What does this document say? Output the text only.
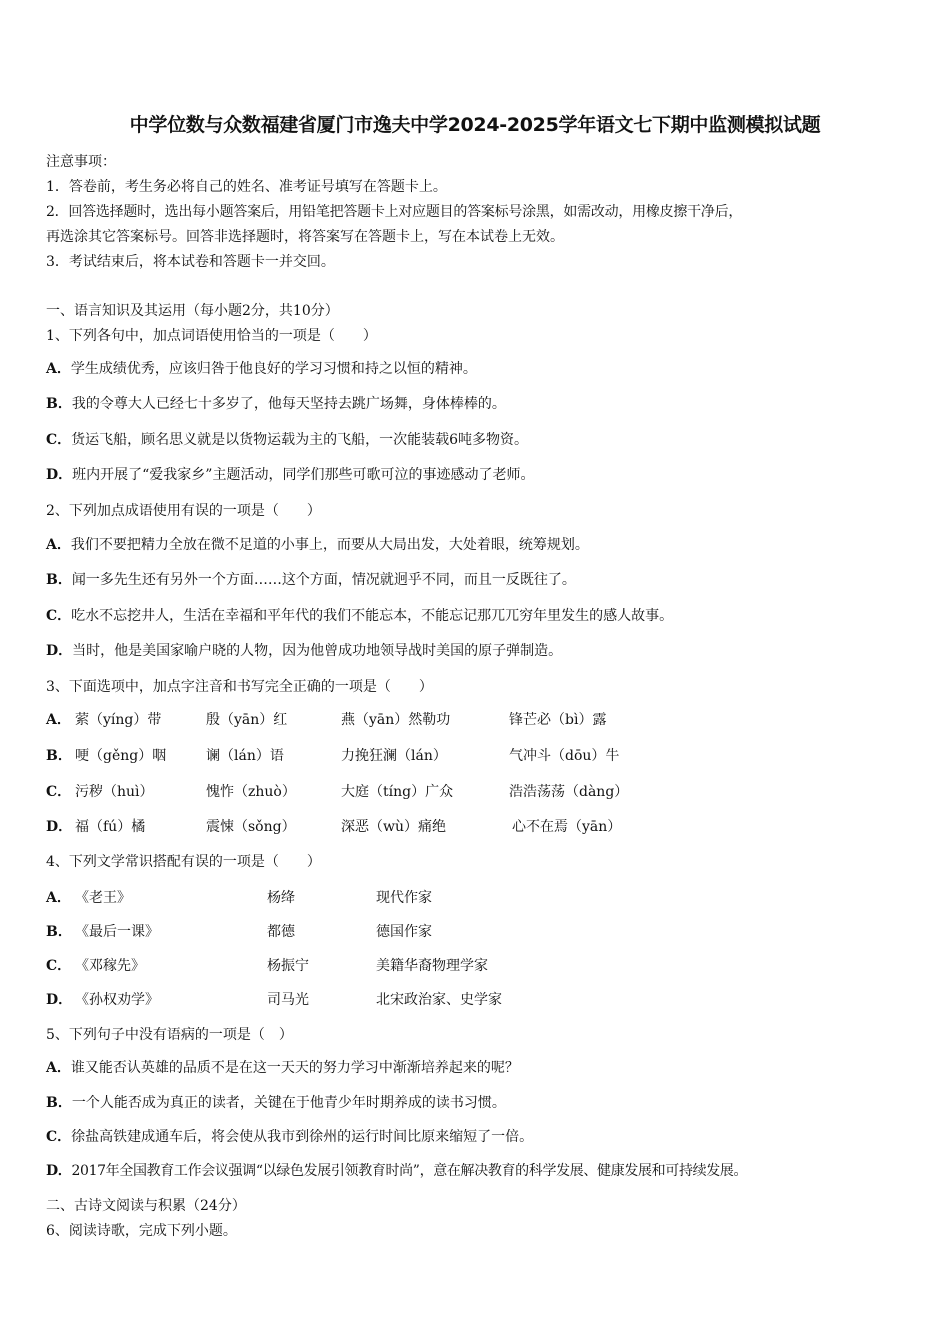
中学位数与众数福建省厦门市逸夫中学2024-2025学年语文七下期中监测模拟试题
注意事项：
1．答卷前，考生务必将自己的姓名、准考证号填写在答题卡上。
2．回答选择题时，选出每小题答案后，用铅笔把答题卡上对应题目的答案标号涂黑，如需改动，用橡皮擦干净后，
再选涂其它答案标号。回答非选择题时，将答案写在答题卡上，写在本试卷上无效。
3．考试结束后，将本试卷和答题卡一并交回。
一、语言知识及其运用（每小题2分，共10分）
1、下列各句中，加点词语使用恰当的一项是（　　）
A．学生成绩优秀，应该归咎于他良好的学习习惯和持之以恒的精神。
B．我的令尊大人已经七十多岁了，他每天坚持去跳广场舞，身体棒棒的。
C．货运飞船，顾名思义就是以货物运载为主的飞船，一次能装载6吨多物资。
D．班内开展了“爱我家乡”主题活动，同学们那些可歌可泣的事迹感动了老师。
2、下列加点成语使用有误的一项是（　　）
A．我们不要把精力全放在微不足道的小事上，而要从大局出发，大处着眼，统筹规划。
B．闻一多先生还有另外一个方面……这个方面，情况就迥乎不同，而且一反既往了。
C．吃水不忘挖井人，生活在幸福和平年代的我们不能忘本，不能忘记那兀兀穷年里发生的感人故事。
D．当时，他是美国家喻户晓的人物，因为他曾成功地领导战时美国的原子弹制造。
3、下面选项中，加点字注音和书写完全正确的一项是（　　）
A． 萦（yíng）带	殷（yān）红	燕（yān）然勒功	锋芒必（bì）露
B． 哽（gěng）咽	谰（lán）语	力挽狂澜（lán）	气冲斗（dōu）牛
C． 污秽（huì）	愧怍（zhuò）	大庭（tíng）广众	浩浩荡荡（dàng）
D． 福（fú）橘	震悚（sǒng）	深恶（wù）痛绝	心不在焉（yān）
4、下列文学常识搭配有误的一项是（　　）
A． 《老王》	杨绛	现代作家
B． 《最后一课》	都德	德国作家
C． 《邓稼先》	杨振宁	美籍华裔物理学家
D． 《孙权劝学》	司马光	北宋政治家、史学家
5、下列句子中没有语病的一项是（　）
A．谁又能否认英雄的品质不是在这一天天的努力学习中渐渐培养起来的呢？
B．一个人能否成为真正的读者，关键在于他青少年时期养成的读书习惯。
C．徐盐高铁建成通车后，将会使从我市到徐州的运行时间比原来缩短了一倍。
D．2017年全国教育工作会议强调“以绿色发展引领教育时尚”，意在解决教育的科学发展、健康发展和可持续发展。
二、古诗文阅读与积累（24分）
6、阅读诗歌，完成下列小题。
